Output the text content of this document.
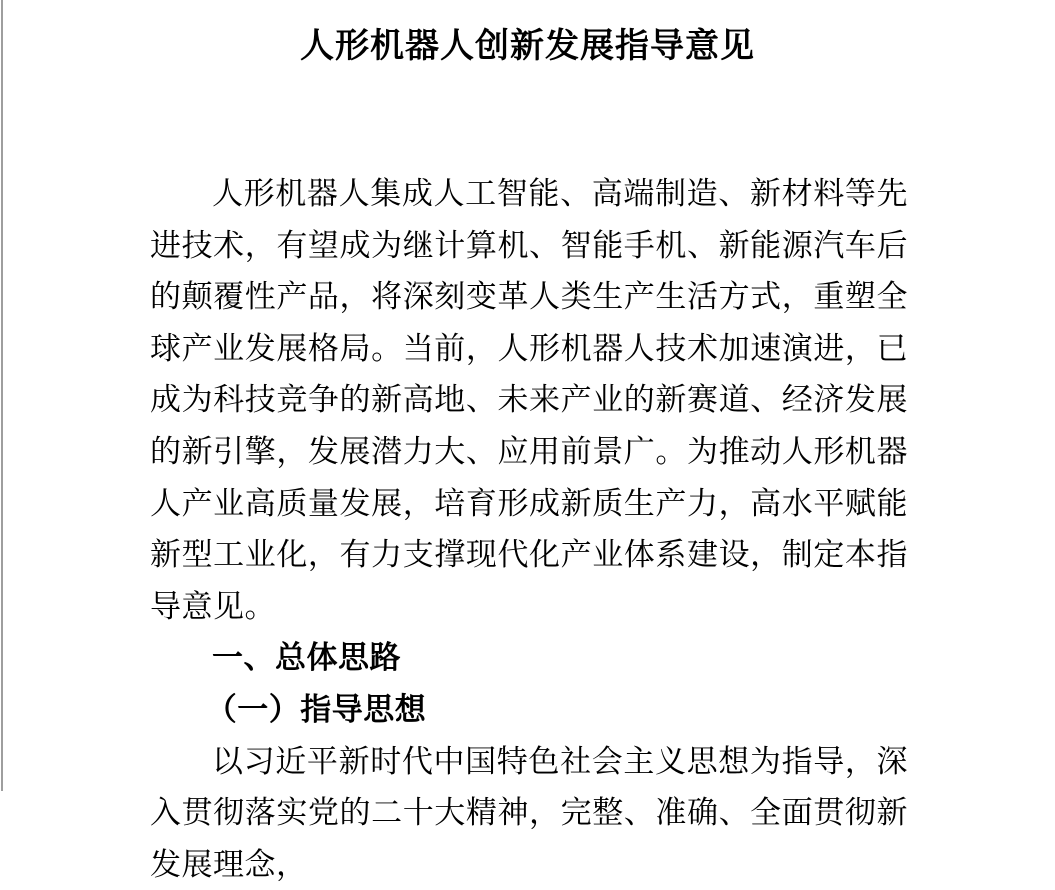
人形机器人创新发展指导意见

人形机器人集成人工智能、高端制造、新材料等先进技术，有望成为继计算机、智能手机、新能源汽车后的颠覆性产品，将深刻变革人类生产生活方式，重塑全球产业发展格局。当前，人形机器人技术加速演进，已成为科技竞争的新高地、未来产业的新赛道、经济发展的新引擎，发展潜力大、应用前景广。为推动人形机器人产业高质量发展，培育形成新质生产力，高水平赋能新型工业化，有力支撑现代化产业体系建设，制定本指导意见。

一、总体思路
（一）指导思想

以习近平新时代中国特色社会主义思想为指导，深入贯彻落实党的二十大精神，完整、准确、全面贯彻新发展理念，
